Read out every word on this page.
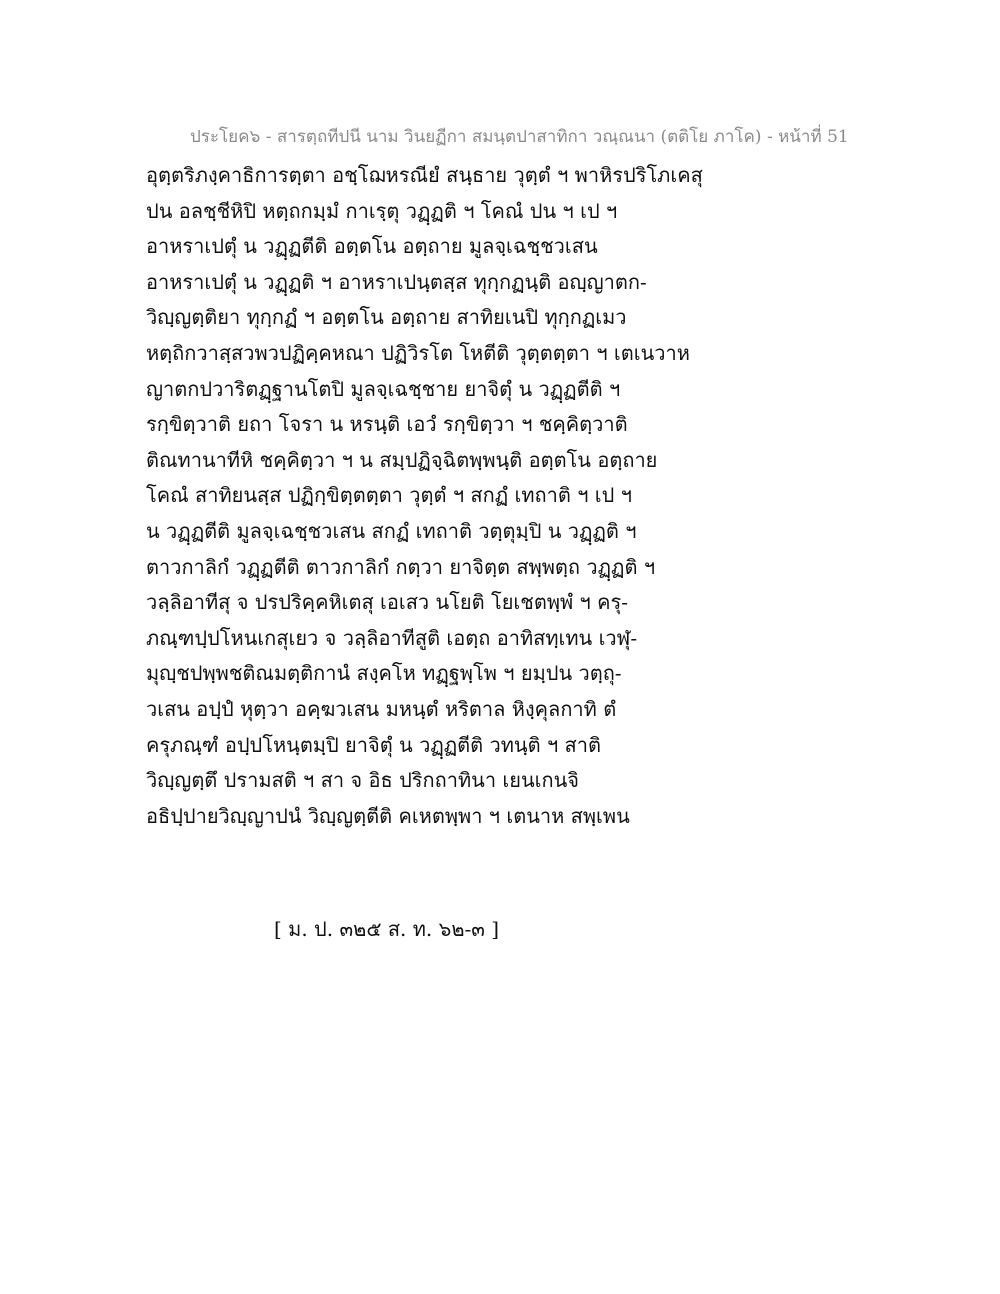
ประโยค๖ - สารตฺถทีปนี นาม วินยฏีกา สมนฺตปาสาทิกา วณฺณนา (ตติโย ภาโค) - หน้าที่ 51
อุตฺตริภงฺคาธิการตฺตา อชฺโฌหรณียํ สนฺธาย วุตฺตํ ฯ พาหิรปริโภเคสุ
ปน อลชฺชีหิปิ หตฺถกมฺมํ กาเรฺตุ วฏฺฏติ ฯ โคณํ ปน ฯ เป ฯ
อาหราเปตุํ น วฏฺฏตีติ อตฺตโน อตฺถาย มูลจฺเฉชฺชวเสน
อาหราเปตุํ น วฏฺฏติ ฯ อาหราเปนฺตสฺส ทุกฺกฏนฺติ อญฺญาตก-
วิญฺญตฺติยา ทุกฺกฏํ ฯ อตฺตโน อตฺถาย สาทิยเนปิ ทุกฺกฏเมว
หตฺถิกวาสฺสวพวปฏิคฺคหณา ปฏิวิรโต โหตีติ วุตฺตตฺตา ฯ เตเนวาห
ญาตกปวาริตฏฺฐานโตปิ มูลจฺเฉชฺชาย ยาจิตุํ น วฏฺฏตีติ ฯ
รกฺขิตฺวาติ ยถา โจรา น หรนฺติ เอวํ รกฺขิตฺวา ฯ ชคฺคิตฺวาติ
ติณทานาทีหิ ชคฺคิตฺวา ฯ น สมฺปฏิจฺฉิตพฺพนฺติ อตฺตโน อตฺถาย
โคณํ สาทิยนสฺส ปฏิกฺขิตฺตตฺตา วุตฺตํ ฯ สกฏํ เทถาติ ฯ เป ฯ
น วฏฺฏตีติ มูลจฺเฉชฺชวเสน สกฏํ เทถาติ วตฺตุมฺปิ น วฏฺฏติ ฯ
ตาวกาลิกํ วฏฺฏตีติ ตาวกาลิกํ กตฺวา ยาจิตฺต สพฺพตฺถ วฏฺฏติ ฯ
วลฺลิอาทีสุ จ ปรปริคฺคหิเตสุ เอเสว นโยติ โยเชตพฺพํ ฯ ครุ-
ภณฺฑปฺปโหนเกสุเยว จ วลฺลิอาทีสูติ เอตฺถ อาทิสทฺเทน เวฬุ-
มุญฺชปพฺพชติณมตฺติกานํ สงฺคโห ทฏฺฐพฺโพ ฯ ยมฺปน วตฺถุ-
วเสน อปฺปํ หุตฺวา อคฺฆวเสน มหนฺตํ หริตาล หิงฺคุลกาทิ ตํ
ครุภณฺฑํ อปฺปโหนฺตมฺปิ ยาจิตุํ น วฏฺฏตีติ วทนฺติ ฯ สาติ
วิญฺญตฺตึ ปรามสติ ฯ สา จ อิธ ปริกถาทินา เยนเกนจิ
อธิปฺปายวิญฺญาปนํ วิญฺญตฺตีติ คเหตพฺพา ฯ เตนาห สพฺเพน
[ ม. ป. ๓๒๕ ส. ท. ๖๒-๓ ]
